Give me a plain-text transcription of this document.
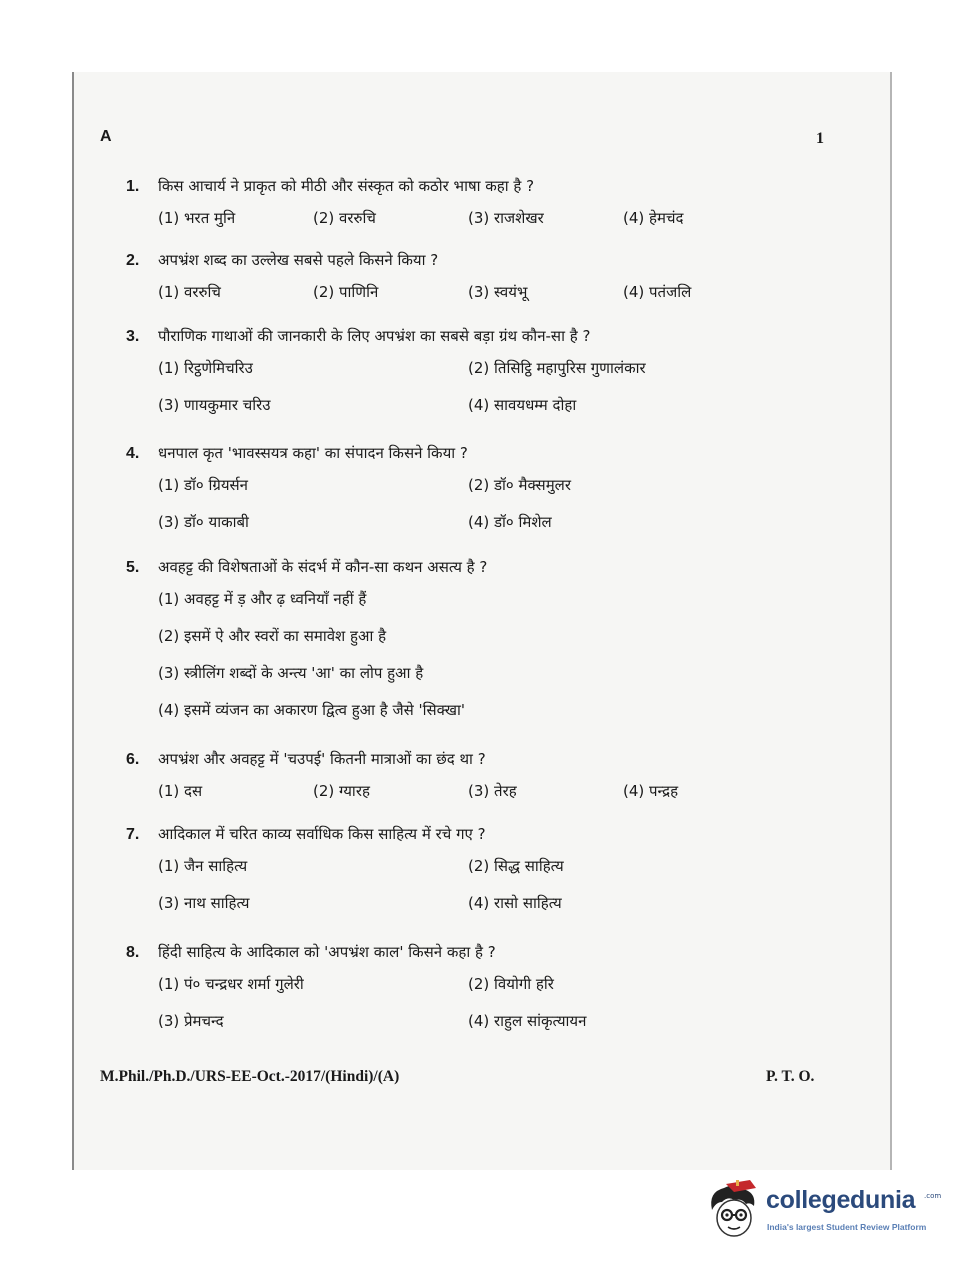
A	1
1.	किस आचार्य ने प्राकृत को मीठी और संस्कृत को कठोर भाषा कहा है ?
(1) भरत मुनि	(2) वररुचि	(3) राजशेखर	(4) हेमचंद
2.	अपभ्रंश शब्द का उल्लेख सबसे पहले किसने किया ?
(1) वररुचि	(2) पाणिनि	(3) स्वयंभू	(4) पतंजलि
3.	पौराणिक गाथाओं की जानकारी के लिए अपभ्रंश का सबसे बड़ा ग्रंथ कौन-सा है ?
(1) रिट्ठणेमिचरिउ	(2) तिसिट्ठि महापुरिस गुणालंकार
(3) णायकुमार चरिउ	(4) सावयधम्म दोहा
4.	धनपाल कृत 'भावस्सयत्र कहा' का संपादन किसने किया ?
(1) डॉ० ग्रियर्सन	(2) डॉ० मैक्समुलर
(3) डॉ० याकाबी	(4) डॉ० मिशेल
5.	अवहट्ट की विशेषताओं के संदर्भ में कौन-सा कथन असत्य है ?
(1) अवहट्ट में ड़ और ढ़ ध्वनियाँ नहीं हैं
(2) इसमें ऐ और स्वरों का समावेश हुआ है
(3) स्त्रीलिंग शब्दों के अन्त्य 'आ' का लोप हुआ है
(4) इसमें व्यंजन का अकारण द्वित्व हुआ है जैसे 'सिक्खा'
6.	अपभ्रंश और अवहट्ट में 'चउपई' कितनी मात्राओं का छंद था ?
(1) दस	(2) ग्यारह	(3) तेरह	(4) पन्द्रह
7.	आदिकाल में चरित काव्य सर्वाधिक किस साहित्य में रचे गए ?
(1) जैन साहित्य	(2) सिद्ध साहित्य
(3) नाथ साहित्य	(4) रासो साहित्य
8.	हिंदी साहित्य के आदिकाल को 'अपभ्रंश काल' किसने कहा है ?
(1) पं० चन्द्रधर शर्मा गुलेरी	(2) वियोगी हरि
(3) प्रेमचन्द	(4) राहुल सांकृत्यायन
M.Phil./Ph.D./URS-EE-Oct.-2017/(Hindi)/(A)	P. T. O.
collegedunia .com
India's largest Student Review Platform
